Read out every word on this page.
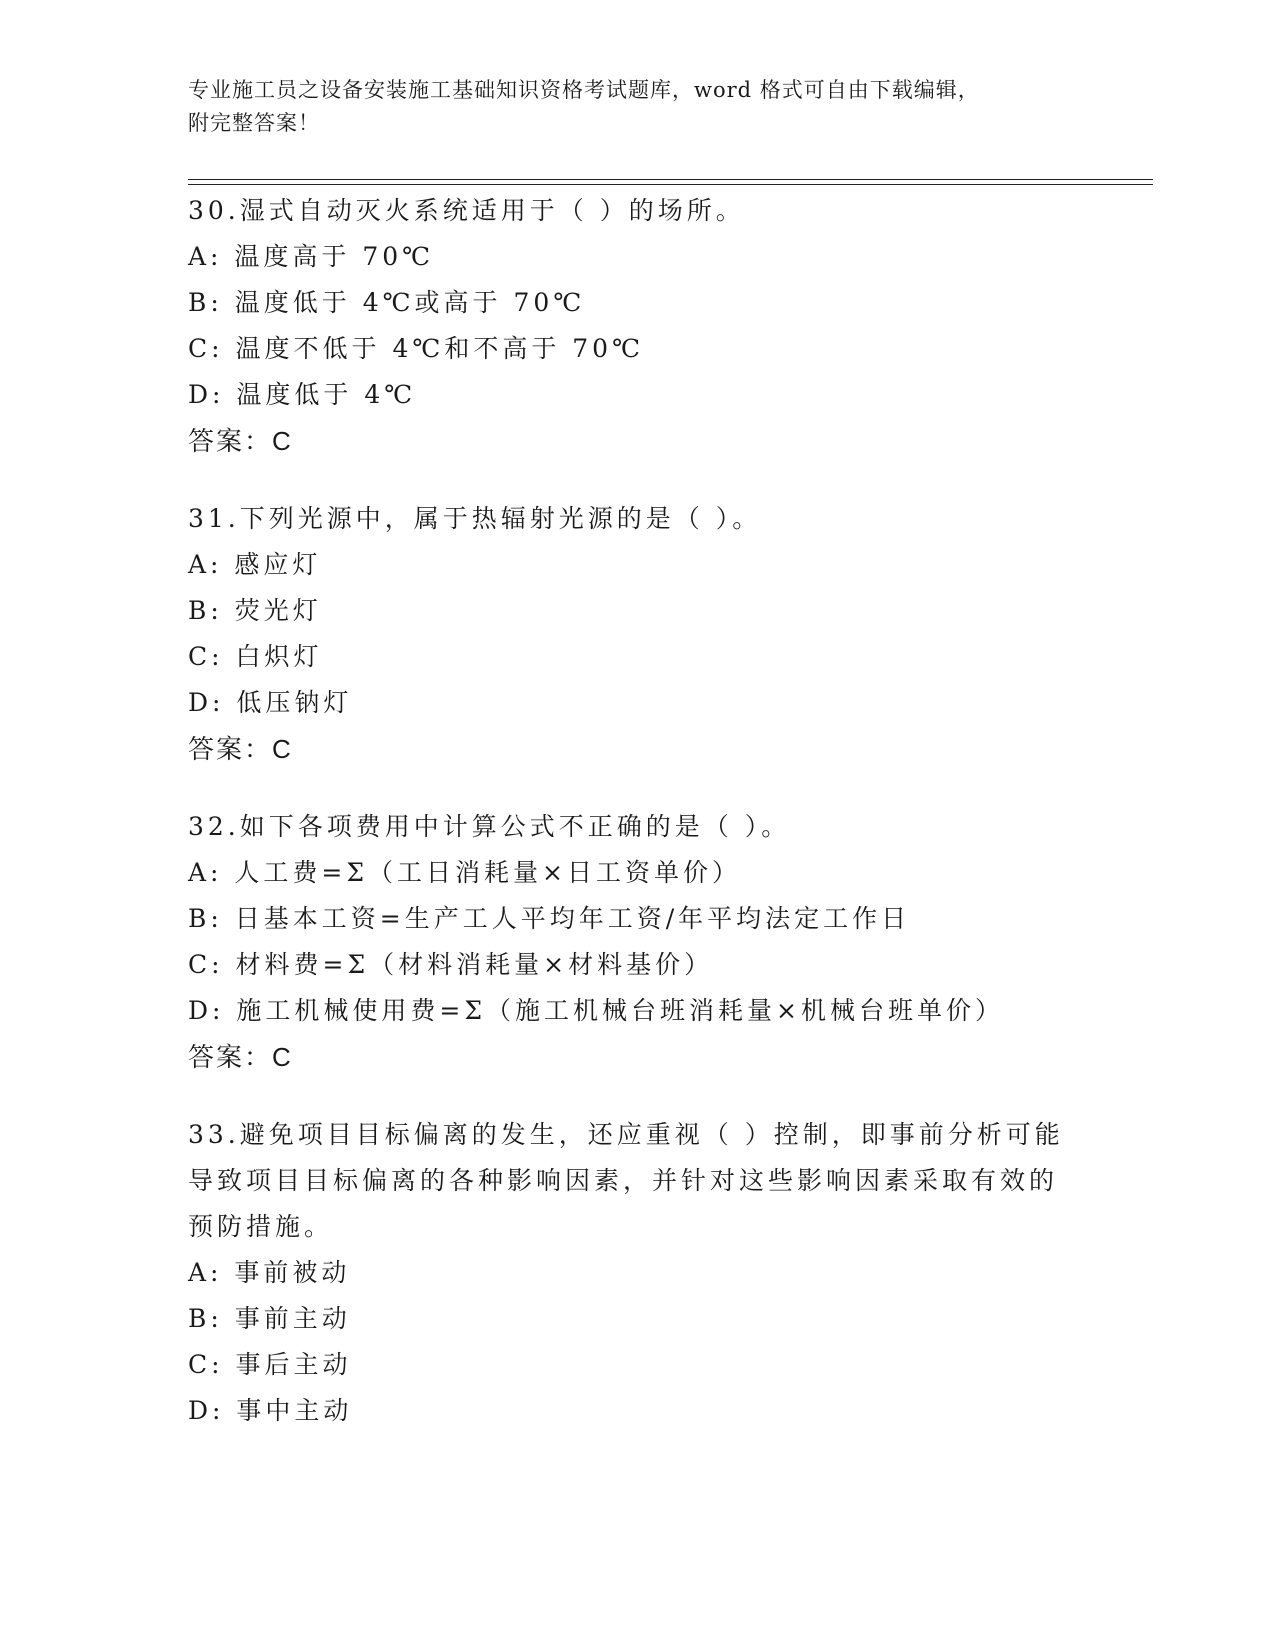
专业施工员之设备安装施工基础知识资格考试题库，word 格式可自由下载编辑，
附完整答案！
30.湿式自动灭火系统适用于（ ）的场所。
A: 温度高于 70℃
B: 温度低于 4℃或高于 70℃
C: 温度不低于 4℃和不高于 70℃
D: 温度低于 4℃
答案：C
31.下列光源中，属于热辐射光源的是（ ）。
A: 感应灯
B: 荧光灯
C: 白炽灯
D: 低压钠灯
答案：C
32.如下各项费用中计算公式不正确的是（ ）。
A: 人工费=Σ（工日消耗量×日工资单价）
B: 日基本工资=生产工人平均年工资/年平均法定工作日
C: 材料费=Σ（材料消耗量×材料基价）
D: 施工机械使用费=Σ（施工机械台班消耗量×机械台班单价）
答案：C
33.避免项目目标偏离的发生，还应重视（ ）控制，即事前分析可能
导致项目目标偏离的各种影响因素，并针对这些影响因素采取有效的
预防措施。
A: 事前被动
B: 事前主动
C: 事后主动
D: 事中主动
